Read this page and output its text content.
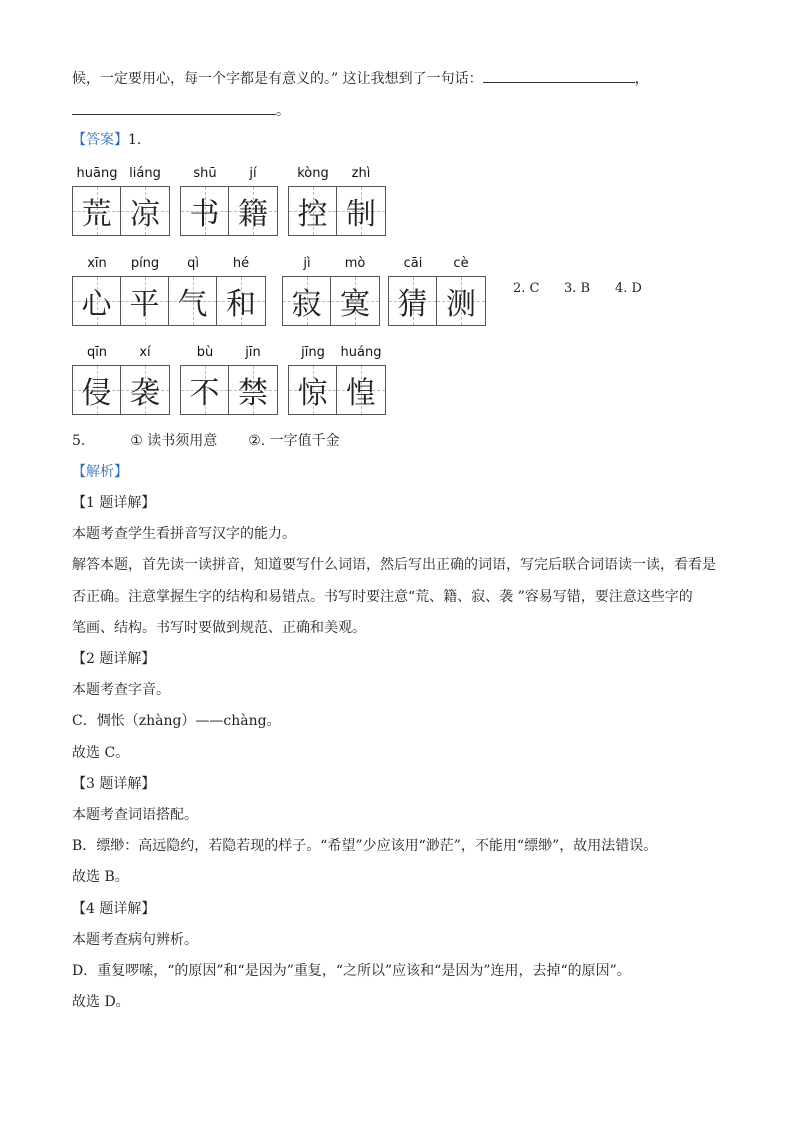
候，一定要用心，每一个字都是有意义的。” 这让我想到了一句话：	，
。
【答案】1.
huāng liáng
荒 凉
shū	jí
书 籍
kòng	zhì
控 制
xīn	píng	qì	hé
心 平 气 和
jì	mò
寂 寞
cāi	cè
猜 测
qīn	xí
侵 袭
bù	jīn
不 禁
jīng	huáng
惊 惶
2. C 3. B 4. D
5.	① 读书须用意 ②. 一字值千金
【解析】
【1 题详解】
本题考查学生看拼音写汉字的能力。
解答本题，首先读一读拼音，知道要写什么词语，然后写出正确的词语，写完后联合词语读一读，看看是
否正确。注意掌握生字的结构和易错点。书写时要注意“荒、籍、寂、袭 ”容易写错，要注意这些字的
笔画、结构。书写时要做到规范、正确和美观。
【2 题详解】
本题考查字音。
C．惆怅（zhàng）——chàng。
故选 C。
【3 题详解】
本题考查词语搭配。
B．缥缈：高远隐约，若隐若现的样子。“希望”少应该用“渺茫”，不能用“缥缈”，故用法错误。
故选 B。
【4 题详解】
本题考查病句辨析。
D．重复啰嗦，“的原因”和“是因为”重复，“之所以”应该和“是因为”连用，去掉“的原因”。
故选 D。
